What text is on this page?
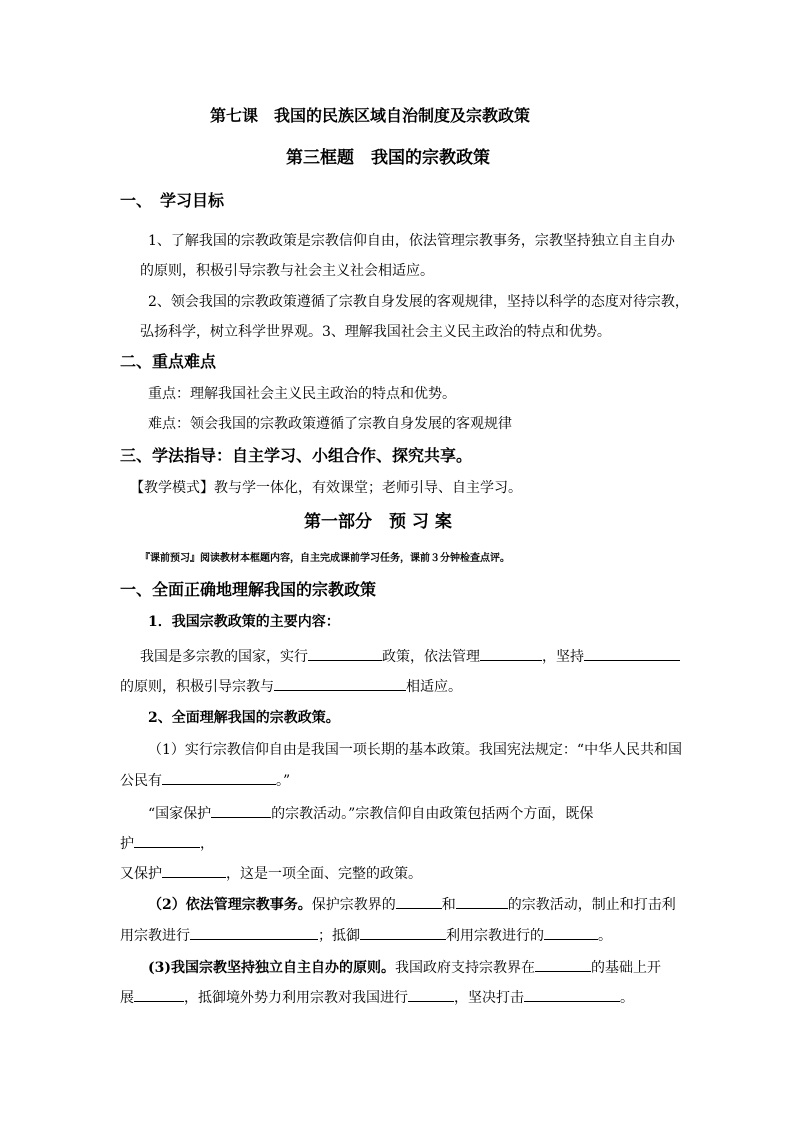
第七课　我国的民族区域自治制度及宗教政策
第三框题　我国的宗教政策
一、　学习目标
1、了解我国的宗教政策是宗教信仰自由，依法管理宗教事务，宗教坚持独立自主自办
的原则，积极引导宗教与社会主义社会相适应。
2、领会我国的宗教政策遵循了宗教自身发展的客观规律，坚持以科学的态度对待宗教，
弘扬科学，树立科学世界观。3、理解我国社会主义民主政治的特点和优势。
二、重点难点
重点：理解我国社会主义民主政治的特点和优势。
难点：领会我国的宗教政策遵循了宗教自身发展的客观规律
三、学法指导：自主学习、小组合作、探究共享。
【教学模式】教与学一体化，有效课堂；老师引导、自主学习。
第一部分　预 习 案
『课前预习』阅读教材本框题内容，自主完成课前学习任务，课前３分钟检查点评。
一、全面正确地理解我国的宗教政策
1．我国宗教政策的主要内容：
我国是多宗教的国家，实行	政策，依法管理	，坚持
的原则，积极引导宗教与	相适应。
2、全面理解我国的宗教政策。
（1）实行宗教信仰自由是我国一项长期的基本政策。我国宪法规定：“中华人民共和国
公民有	。”
“国家保护	的宗教活动。”宗教信仰自由政策包括两个方面，既保
护	，
又保护	，这是一项全面、完整的政策。
（2）依法管理宗教事务。保护宗教界的	和	的宗教活动，制止和打击利
用宗教进行	；抵御	利用宗教进行的	。
(3)我国宗教坚持独立自主自办的原则。我国政府支持宗教界在	的基础上开
展	，抵御境外势力利用宗教对我国进行	，坚决打击	。
